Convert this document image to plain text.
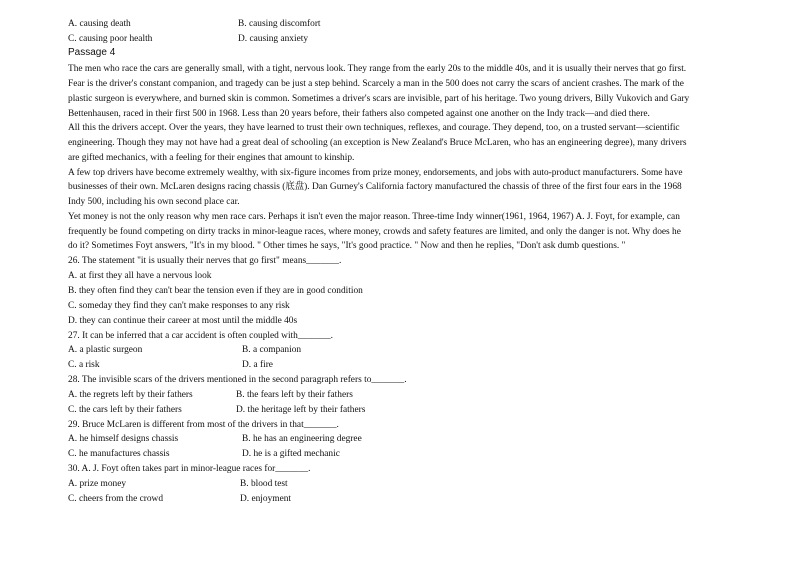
A. causing death	B. causing discomfort
C. causing poor health	D. causing anxiety
Passage 4
The men who race the cars are generally small, with a tight, nervous look. They range from the early 20s to the middle 40s, and it is usually their nerves that go first.
Fear is the driver's constant companion, and tragedy can be just a step behind. Scarcely a man in the 500 does not carry the scars of ancient crashes. The mark of the
plastic surgeon is everywhere, and burned skin is common. Sometimes a driver's scars are invisible, part of his heritage. Two young drivers, Billy Vukovich and Gary
Bettenhausen, raced in their first 500 in 1968. Less than 20 years before, their fathers also competed against one another on the Indy track—and died there.
All this the drivers accept. Over the years, they have learned to trust their own techniques, reflexes, and courage. They depend, too, on a trusted servant—scientific
engineering. Though they may not have had a great deal of schooling (an exception is New Zealand's Bruce McLaren, who has an engineering degree), many drivers
are gifted mechanics, with a feeling for their engines that amount to kinship.
A few top drivers have become extremely wealthy, with six-figure incomes from prize money, endorsements, and jobs with auto-product manufacturers. Some have
businesses of their own. McLaren designs racing chassis (底盘). Dan Gurney's California factory manufactured the chassis of three of the first four ears in the 1968
Indy 500, including his own second place car.
Yet money is not the only reason why men race cars. Perhaps it isn't even the major reason. Three-time Indy winner(1961, 1964, 1967) A. J. Foyt, for example, can
frequently be found competing on dirty tracks in minor-league races, where money, crowds and safety features are limited, and only the danger is not. Why does he
do it? Sometimes Foyt answers, "It's in my blood. " Other times he says, "It's good practice. " Now and then he replies, "Don't ask dumb questions. "
26. The statement "it is usually their nerves that go first" means_______.
A. at first they all have a nervous look
B. they often find they can't bear the tension even if they are in good condition
C. someday they find they can't make responses to any risk
D. they can continue their career at most until the middle 40s
27. It can be inferred that a car accident is often coupled with_______.
A. a plastic surgeon	B. a companion
C. a risk	D. a fire
28. The invisible scars of the drivers mentioned in the second paragraph refers to_______.
A. the regrets left by their fathers	B. the fears left by their fathers
C. the cars left by their fathers	D. the heritage left by their fathers
29. Bruce McLaren is different from most of the drivers in that_______.
A. he himself designs chassis	B. he has an engineering degree
C. he manufactures chassis	D. he is a gifted mechanic
30. A. J. Foyt often takes part in minor-league races for_______.
A. prize money	B. blood test
C. cheers from the crowd	D. enjoyment
